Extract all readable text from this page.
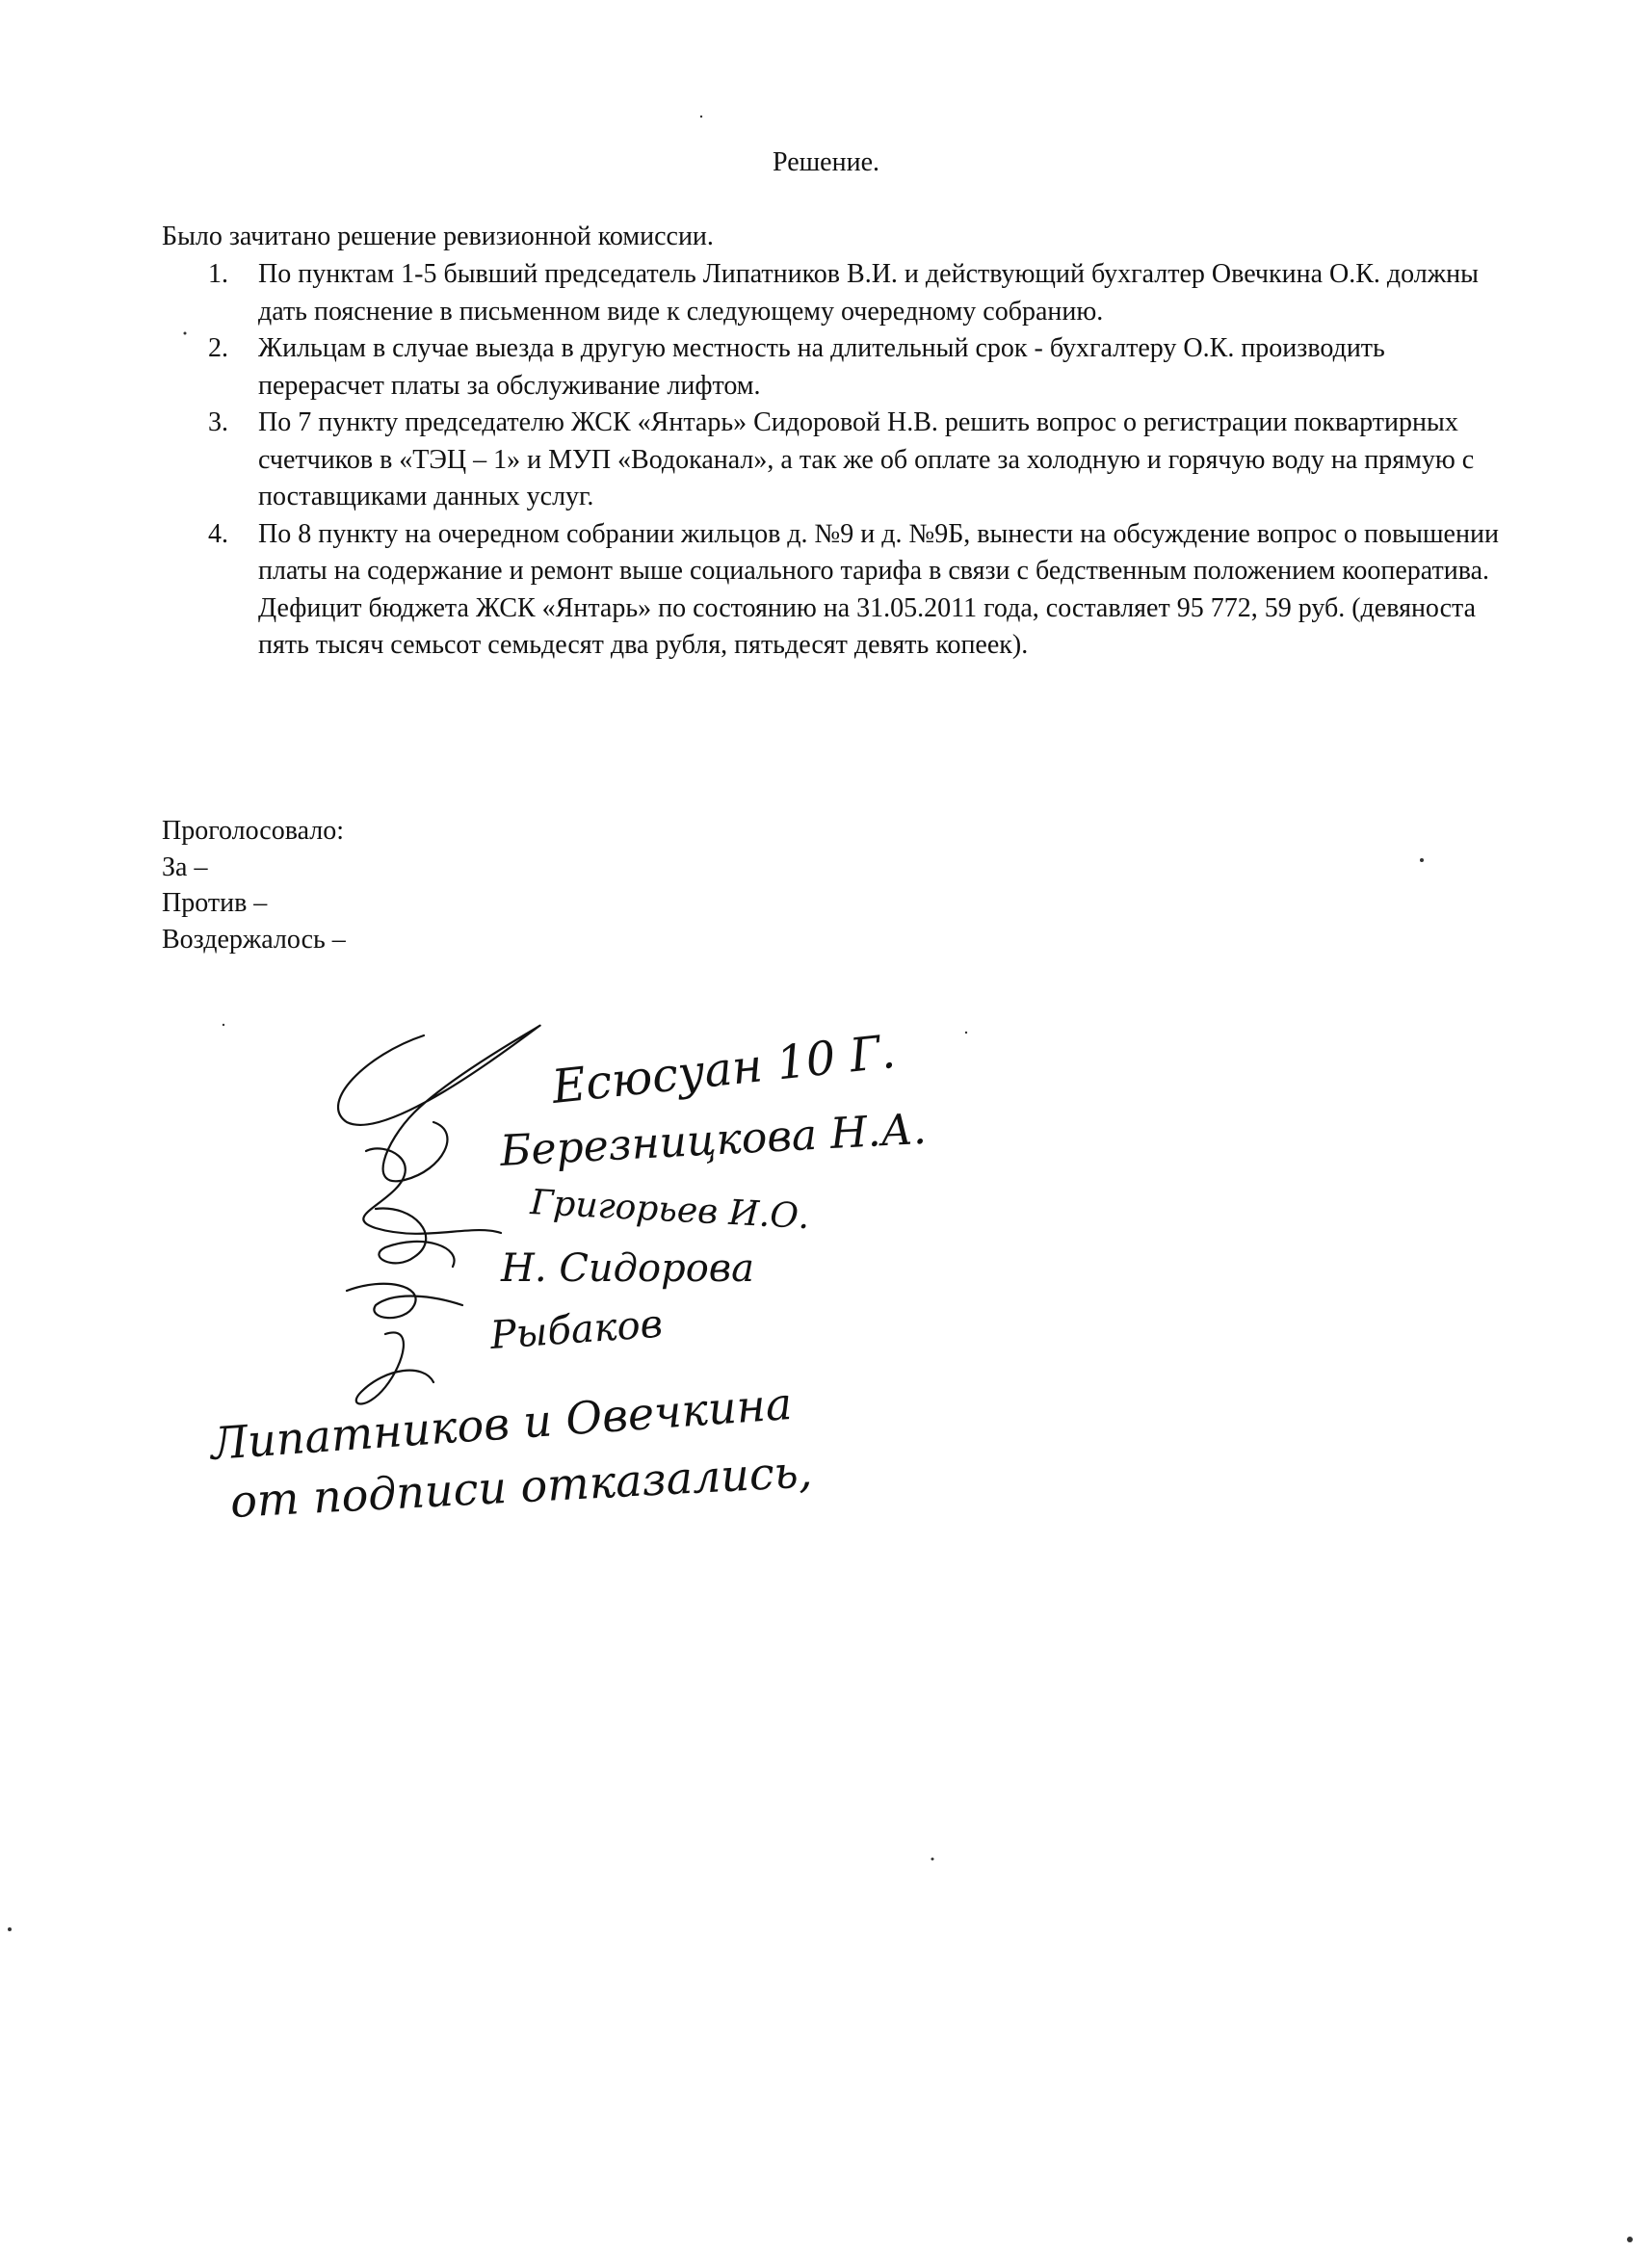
Решение.
Было зачитано решение ревизионной комиссии.
1. По пунктам 1-5 бывший председатель Липатников В.И. и действующий бухгалтер Овечкина О.К. должны дать пояснение в письменном виде к следующему очередному собранию.
2. Жильцам в случае выезда в другую местность на длительный срок - бухгалтеру О.К. производить перерасчет платы за обслуживание лифтом.
3. По 7 пункту председателю ЖСК «Янтарь» Сидоровой Н.В. решить вопрос о регистрации поквартирных счетчиков в «ТЭЦ – 1» и МУП «Водоканал», а так же об оплате за холодную и горячую воду на прямую с поставщиками данных услуг.
4. По 8 пункту на очередном собрании жильцов д. №9 и д. №9Б, вынести на обсуждение вопрос о повышении платы на содержание и ремонт выше социального тарифа в связи с бедственным положением кооператива. Дефицит бюджета ЖСК «Янтарь» по состоянию на 31.05.2011 года, составляет 95 772, 59 руб. (девяноста пять тысяч семьсот семьдесят два рубля, пятьдесят девять копеек).
Проголосовало:
За –
Против –
Воздержалось –
Есюсуан 10 Г.
Березницкова Н.А.
Григорьев И.О.
Н. Сидорова
Рыбаков
Липатников и Овечкина
от подписи отказались,
